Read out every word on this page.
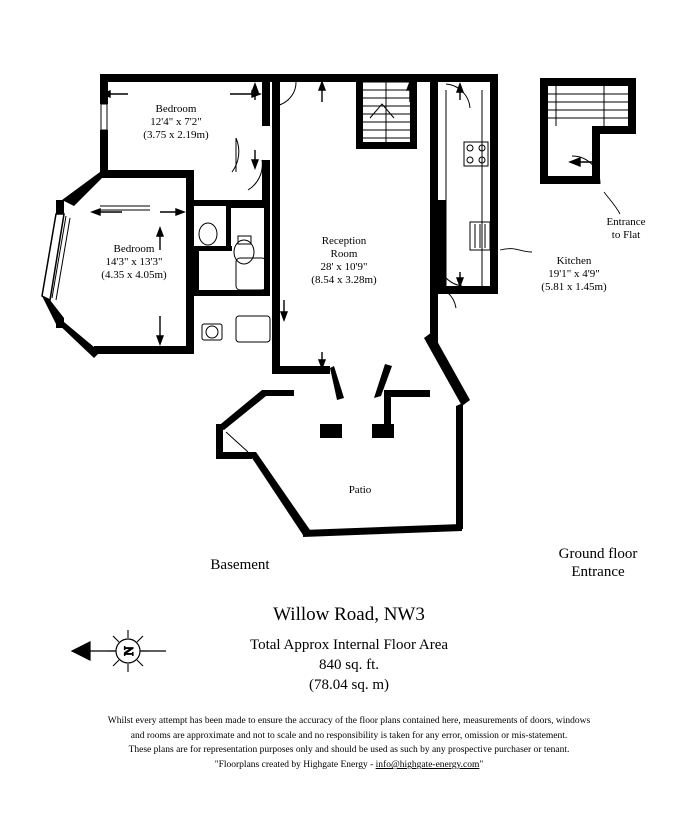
Bedroom
12'4" x 7'2"
(3.75 x 2.19m)
Bedroom
14'3" x 13'3"
(4.35 x 4.05m)
Reception
Room
28' x 10'9"
(8.54 x 3.28m)
Kitchen
19'1" x 4'9"
(5.81 x 1.45m)
Patio
Entrance
to Flat
Basement
Ground floor
Entrance
N
Willow Road, NW3
Total Approx Internal Floor Area
840 sq. ft.
(78.04 sq. m)
Whilst every attempt has been made to ensure the accuracy of the floor plans contained here, measurements of doors, windows
and rooms are approximate and not to scale and no responsibility is taken for any error, omission or mis-statement.
These plans are for representation purposes only and should be used as such by any prospective purchaser or tenant.
"Floorplans created by Highgate Energy - info@highgate-energy.com"
